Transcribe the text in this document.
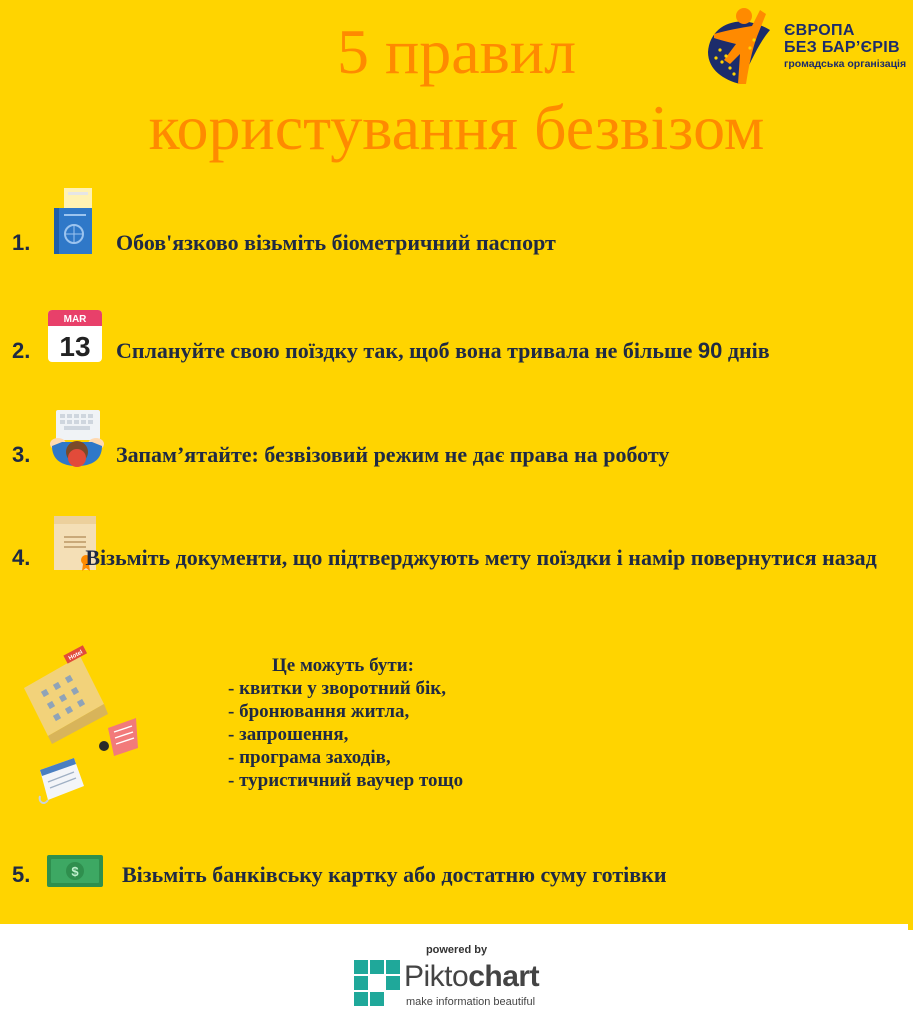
5 правил
користування безвізом
ЄВРОПА
БЕЗ БАР’ЄРІВ
громадська організація
1.	Обов'язково візьміть біометричний паспорт
2.
MAR
13 Сплануйте свою поїздку так, щоб вона тривала не більше 90 днів
3.	Запам’ятайте: безвізовий режим не дає права на роботу
4.	Візьміть документи, що підтверджують мету поїздки і намір повернутися назад
Hotel	Це можуть бути:
- квитки у зворотний бік,
- бронювання житла,
- запрошення,
- програма заходів,
- туристичний ваучер тощо
5.	$ Візьміть банківську картку або достатню суму готівки
powered by
Piktochart
make information beautiful
